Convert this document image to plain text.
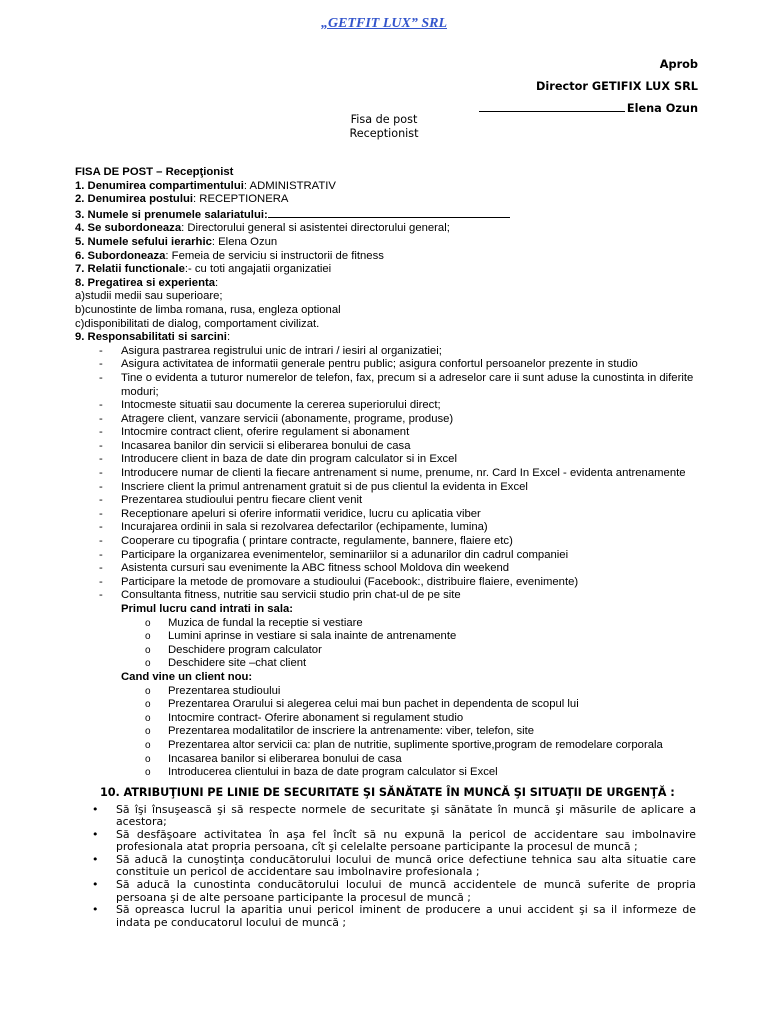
„GETFIT LUX” SRL
Aprob
Director GETIFIX LUX SRL
Elena Ozun
Fisa de post
Receptionist
FISA DE POST – Recepţionist
1. Denumirea compartimentului: ADMINISTRATIV
2. Denumirea postului: RECEPTIONERA
3. Numele si prenumele salariatului:
4. Se subordoneaza: Directorului general si asistentei directorului general;
5. Numele sefului ierarhic: Elena Ozun
6. Subordoneaza: Femeia de serviciu si instructorii de fitness
7. Relatii functionale:- cu toti angajatii organizatiei
8. Pregatirea si experienta:
a)studii medii sau superioare;
b)cunostinte de limba romana, rusa, engleza optional
c)disponibilitati de dialog, comportament civilizat.
9. Responsabilitati si sarcini:
- Asigura pastrarea registrului unic de intrari / iesiri al organizatiei;
- Asigura activitatea de informatii generale pentru public; asigura confortul persoanelor prezente in studio
- Tine o evidenta a tuturor numerelor de telefon, fax, precum si a adreselor care ii sunt aduse la cunostinta in diferite moduri;
- Intocmeste situatii sau documente la cererea superiorului direct;
- Atragere client, vanzare servicii (abonamente, programe, produse)
- Intocmire contract client, oferire regulament si abonament
- Incasarea banilor din servicii si eliberarea bonului de casa
- Introducere client in baza de date din program calculator si in Excel
- Introducere numar de clienti la fiecare antrenament si nume, prenume, nr. Card In Excel - evidenta antrenamente
- Inscriere client la primul antrenament gratuit si de pus clientul la evidenta in Excel
- Prezentarea studioului pentru fiecare client venit
- Receptionare apeluri si oferire informatii veridice, lucru cu aplicatia viber
- Incurajarea ordinii in sala si rezolvarea defectarilor (echipamente, lumina)
- Cooperare cu tipografia ( printare contracte, regulamente, bannere, flaiere etc)
- Participare la organizarea evenimentelor, seminariilor si a adunarilor din cadrul companiei
- Asistenta cursuri sau evenimente la ABC fitness school Moldova din weekend
- Participare la metode de promovare a studioului (Facebook:, distribuire flaiere, evenimente)
- Consultanta fitness, nutritie sau servicii studio prin chat-ul de pe site
Primul lucru cand intrati in sala:
o Muzica de fundal la receptie si vestiare
o Lumini aprinse in vestiare si sala inainte de antrenamente
o Deschidere program calculator
o Deschidere site –chat client
Cand vine un client nou:
o Prezentarea studioului
o Prezentarea Orarului si alegerea celui mai bun pachet in dependenta de scopul lui
o Intocmire contract- Oferire abonament si regulament studio
o Prezentarea modalitatilor de inscriere la antrenamente: viber, telefon, site
o Prezentarea altor servicii ca: plan de nutritie, suplimente sportive,program de remodelare corporala
o Incasarea banilor si eliberarea bonului de casa
o Introducerea clientului in baza de date program calculator si Excel
10. ATRIBUŢIUNI PE LINIE DE SECURITATE ŞI SĂNĂTATE ÎN MUNCĂ ŞI SITUAŢII DE URGENŢĂ :
• Să îşi însuşească şi să respecte normele de securitate şi sănătate în muncă şi măsurile de aplicare a acestora;
• Să desfăşoare activitatea în aşa fel încît să nu expună la pericol de accidentare sau imbolnavire profesionala atat propria persoana, cît şi celelalte persoane participante la procesul de muncă ;
• Să aducă la cunoştinţa conducătorului locului de muncă orice defectiune tehnica sau alta situatie care constituie un pericol de accidentare sau imbolnavire profesionala ;
• Să aducă la cunostinta conducătorului locului de muncă accidentele de muncă suferite de propria persoana şi de alte persoane participante la procesul de muncă ;
• Să opreasca lucrul la aparitia unui pericol iminent de producere a unui accident şi sa il informeze de indata pe conducatorul locului de muncă ;
